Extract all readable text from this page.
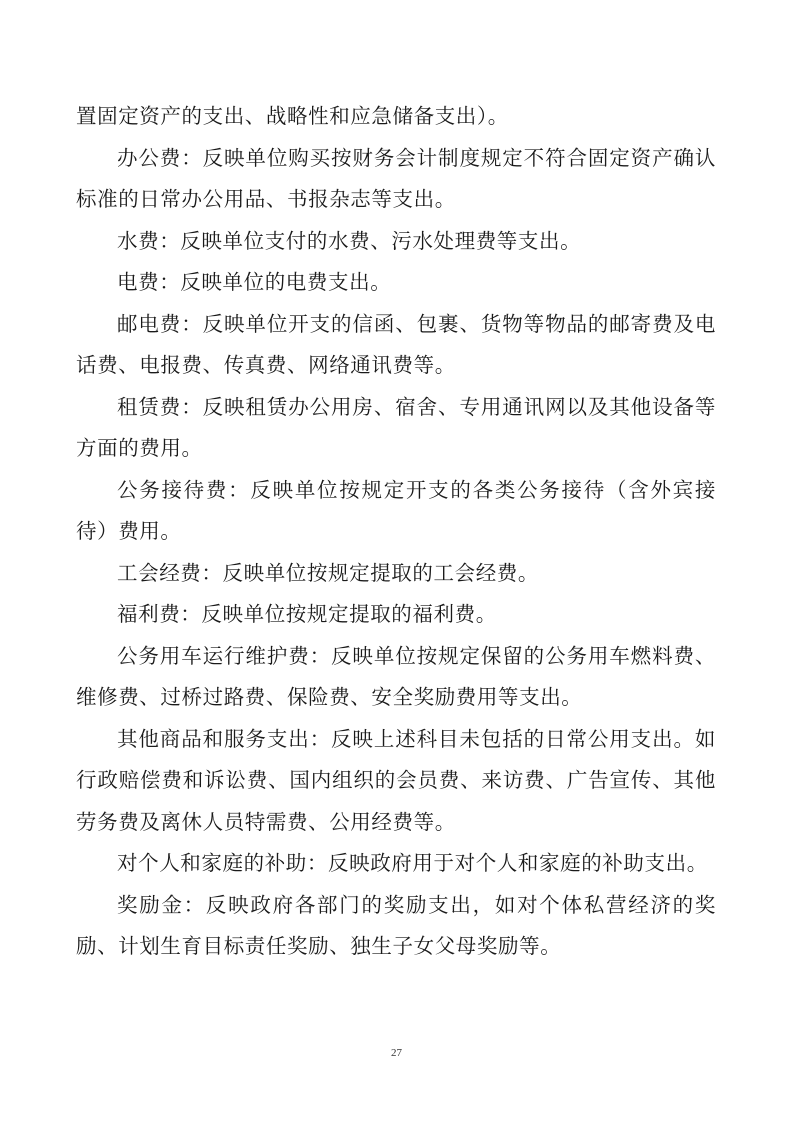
置固定资产的支出、战略性和应急储备支出）。

办公费：反映单位购买按财务会计制度规定不符合固定资产确认标准的日常办公用品、书报杂志等支出。

水费：反映单位支付的水费、污水处理费等支出。

电费：反映单位的电费支出。

邮电费：反映单位开支的信函、包裹、货物等物品的邮寄费及电话费、电报费、传真费、网络通讯费等。

租赁费：反映租赁办公用房、宿舍、专用通讯网以及其他设备等方面的费用。

公务接待费：反映单位按规定开支的各类公务接待（含外宾接待）费用。

工会经费：反映单位按规定提取的工会经费。

福利费：反映单位按规定提取的福利费。

公务用车运行维护费：反映单位按规定保留的公务用车燃料费、维修费、过桥过路费、保险费、安全奖励费用等支出。

其他商品和服务支出：反映上述科目未包括的日常公用支出。如行政赔偿费和诉讼费、国内组织的会员费、来访费、广告宣传、其他劳务费及离休人员特需费、公用经费等。

对个人和家庭的补助：反映政府用于对个人和家庭的补助支出。

奖励金：反映政府各部门的奖励支出，如对个体私营经济的奖励、计划生育目标责任奖励、独生子女父母奖励等。

27
